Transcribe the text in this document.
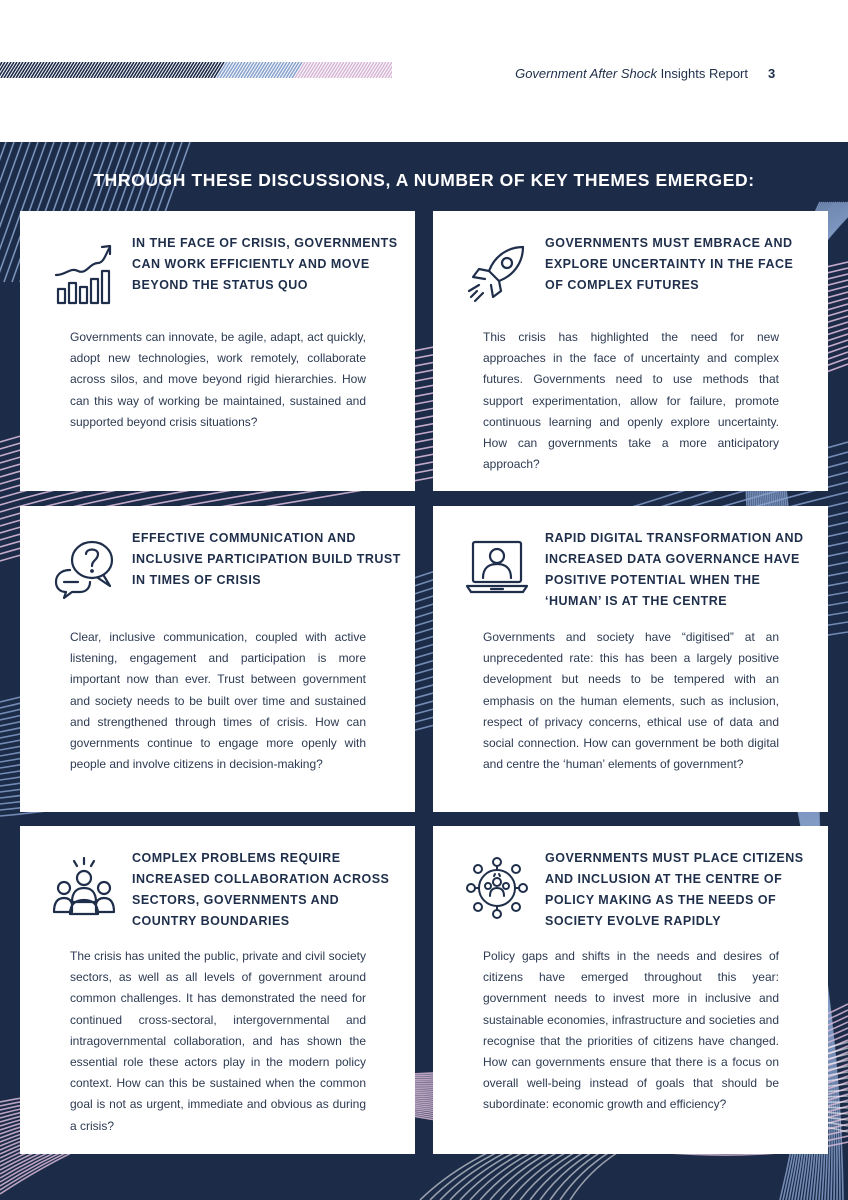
Government After Shock Insights Report 3
THROUGH THESE DISCUSSIONS, A NUMBER OF KEY THEMES EMERGED:
IN THE FACE OF CRISIS, GOVERNMENTS CAN WORK EFFICIENTLY AND MOVE BEYOND THE STATUS QUO
Governments can innovate, be agile, adapt, act quickly, adopt new technologies, work remotely, collaborate across silos, and move beyond rigid hierarchies. How can this way of working be maintained, sustained and supported beyond crisis situations?
GOVERNMENTS MUST EMBRACE AND EXPLORE UNCERTAINTY IN THE FACE OF COMPLEX FUTURES
This crisis has highlighted the need for new approaches in the face of uncertainty and complex futures. Governments need to use methods that support experimentation, allow for failure, promote continuous learning and openly explore uncertainty. How can governments take a more anticipatory approach?
EFFECTIVE COMMUNICATION AND INCLUSIVE PARTICIPATION BUILD TRUST IN TIMES OF CRISIS
Clear, inclusive communication, coupled with active listening, engagement and participation is more important now than ever. Trust between government and society needs to be built over time and sustained and strengthened through times of crisis. How can governments continue to engage more openly with people and involve citizens in decision-making?
RAPID DIGITAL TRANSFORMATION AND INCREASED DATA GOVERNANCE HAVE POSITIVE POTENTIAL WHEN THE ‘HUMAN’ IS AT THE CENTRE
Governments and society have “digitised” at an unprecedented rate: this has been a largely positive development but needs to be tempered with an emphasis on the human elements, such as inclusion, respect of privacy concerns, ethical use of data and social connection. How can government be both digital and centre the ‘human’ elements of government?
COMPLEX PROBLEMS REQUIRE INCREASED COLLABORATION ACROSS SECTORS, GOVERNMENTS AND COUNTRY BOUNDARIES
The crisis has united the public, private and civil society sectors, as well as all levels of government around common challenges. It has demonstrated the need for continued cross-sectoral, intergovernmental and intragovernmental collaboration, and has shown the essential role these actors play in the modern policy context. How can this be sustained when the common goal is not as urgent, immediate and obvious as during a crisis?
GOVERNMENTS MUST PLACE CITIZENS AND INCLUSION AT THE CENTRE OF POLICY MAKING AS THE NEEDS OF SOCIETY EVOLVE RAPIDLY
Policy gaps and shifts in the needs and desires of citizens have emerged throughout this year: government needs to invest more in inclusive and sustainable economies, infrastructure and societies and recognise that the priorities of citizens have changed. How can governments ensure that there is a focus on overall well-being instead of goals that should be subordinate: economic growth and efficiency?
